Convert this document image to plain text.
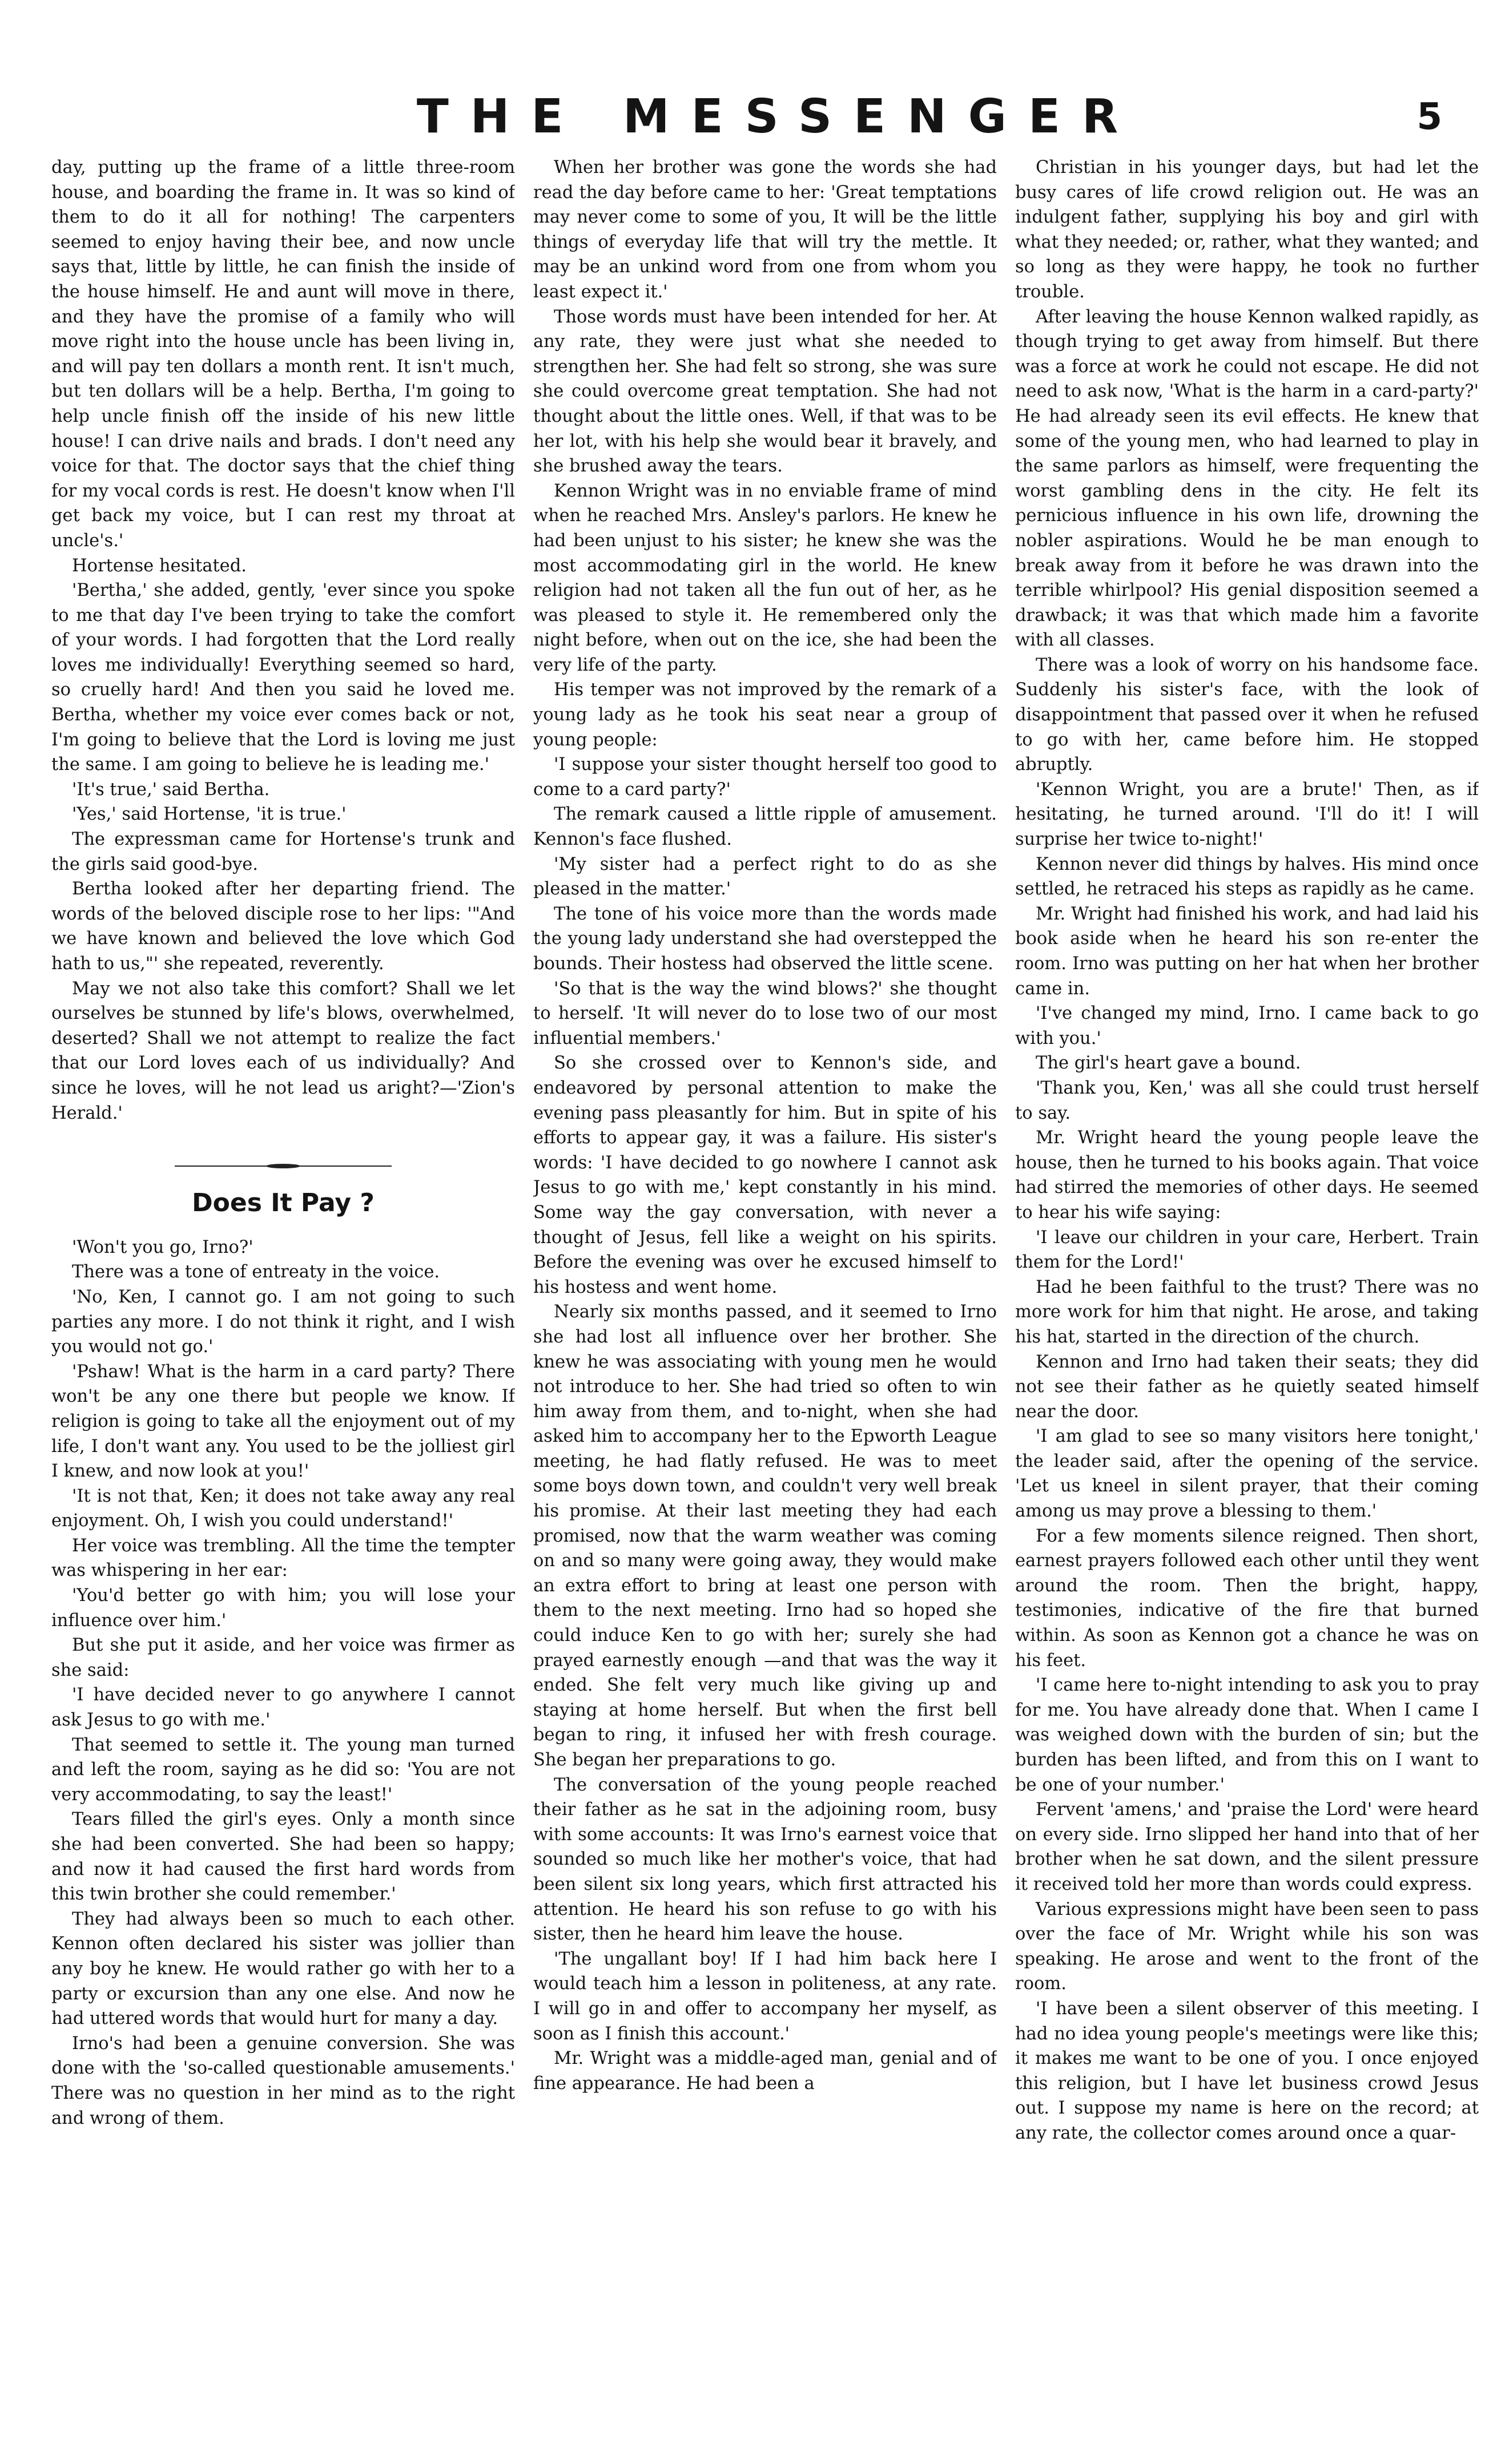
THE MESSENGER	5

day, putting up the frame of a little three-room house, and boarding the frame in. It was so kind of them to do it all for nothing! The carpenters seemed to enjoy having their bee, and now uncle says that, little by little, he can finish the inside of the house himself. He and aunt will move in there, and they have the promise of a family who will move right into the house uncle has been living in, and will pay ten dollars a month rent. It isn't much, but ten dollars will be a help. Bertha, I'm going to help uncle finish off the inside of his new little house! I can drive nails and brads. I don't need any voice for that. The doctor says that the chief thing for my vocal cords is rest. He doesn't know when I'll get back my voice, but I can rest my throat at uncle's.'

Hortense hesitated.

'Bertha,' she added, gently, 'ever since you spoke to me that day I've been trying to take the comfort of your words. I had forgotten that the Lord really loves me individually! Everything seemed so hard, so cruelly hard! And then you said he loved me. Bertha, whether my voice ever comes back or not, I'm going to believe that the Lord is loving me just the same. I am going to believe he is leading me.'

'It's true,' said Bertha.

'Yes,' said Hortense, 'it is true.'

The expressman came for Hortense's trunk and the girls said good-bye.

Bertha looked after her departing friend. The words of the beloved disciple rose to her lips: '"And we have known and believed the love which God hath to us,"' she repeated, reverently.

May we not also take this comfort? Shall we let ourselves be stunned by life's blows, overwhelmed, deserted? Shall we not attempt to realize the fact that our Lord loves each of us individually? And since he loves, will he not lead us aright?—'Zion's Herald.'

Does It Pay ?

'Won't you go, Irno?'

There was a tone of entreaty in the voice.

'No, Ken, I cannot go. I am not going to such parties any more. I do not think it right, and I wish you would not go.'

'Pshaw! What is the harm in a card party? There won't be any one there but people we know. If religion is going to take all the enjoyment out of my life, I don't want any. You used to be the jolliest girl I knew, and now look at you!'

'It is not that, Ken; it does not take away any real enjoyment. Oh, I wish you could understand!'

Her voice was trembling. All the time the tempter was whispering in her ear:

'You'd better go with him; you will lose your influence over him.'

But she put it aside, and her voice was firmer as she said:

'I have decided never to go anywhere I cannot ask Jesus to go with me.'

That seemed to settle it. The young man turned and left the room, saying as he did so: 'You are not very accommodating, to say the least!'

Tears filled the girl's eyes. Only a month since she had been converted. She had been so happy; and now it had caused the first hard words from this twin brother she could remember.'

They had always been so much to each other. Kennon often declared his sister was jollier than any boy he knew. He would rather go with her to a party or excursion than any one else. And now he had uttered words that would hurt for many a day.

Irno's had been a genuine conversion. She was done with the 'so-called questionable amusements.' There was no question in her mind as to the right and wrong of them.

When her brother was gone the words she had read the day before came to her: 'Great temptations may never come to some of you, It will be the little things of everyday life that will try the mettle. It may be an unkind word from one from whom you least expect it.'

Those words must have been intended for her. At any rate, they were just what she needed to strengthen her. She had felt so strong, she was sure she could overcome great temptation. She had not thought about the little ones. Well, if that was to be her lot, with his help she would bear it bravely, and she brushed away the tears.

Kennon Wright was in no enviable frame of mind when he reached Mrs. Ansley's parlors. He knew he had been unjust to his sister; he knew she was the most accommodating girl in the world. He knew religion had not taken all the fun out of her, as he was pleased to style it. He remembered only the night before, when out on the ice, she had been the very life of the party.

His temper was not improved by the remark of a young lady as he took his seat near a group of young people:

'I suppose your sister thought herself too good to come to a card party?'

The remark caused a little ripple of amusement. Kennon's face flushed.

'My sister had a perfect right to do as she pleased in the matter.'

The tone of his voice more than the words made the young lady understand she had overstepped the bounds. Their hostess had observed the little scene.

'So that is the way the wind blows?' she thought to herself. 'It will never do to lose two of our most influential members.'

So she crossed over to Kennon's side, and endeavored by personal attention to make the evening pass pleasantly for him. But in spite of his efforts to appear gay, it was a failure. His sister's words: 'I have decided to go nowhere I cannot ask Jesus to go with me,' kept constantly in his mind. Some way the gay conversation, with never a thought of Jesus, fell like a weight on his spirits. Before the evening was over he excused himself to his hostess and went home.

Nearly six months passed, and it seemed to Irno she had lost all influence over her brother. She knew he was associating with young men he would not introduce to her. She had tried so often to win him away from them, and to-night, when she had asked him to accompany her to the Epworth League meeting, he had flatly refused. He was to meet some boys down town, and couldn't very well break his promise. At their last meeting they had each promised, now that the warm weather was coming on and so many were going away, they would make an extra effort to bring at least one person with them to the next meeting. Irno had so hoped she could induce Ken to go with her; surely she had prayed earnestly enough —and that was the way it ended. She felt very much like giving up and staying at home herself. But when the first bell began to ring, it infused her with fresh courage. She began her preparations to go.

The conversation of the young people reached their father as he sat in the adjoining room, busy with some accounts: It was Irno's earnest voice that sounded so much like her mother's voice, that had been silent six long years, which first attracted his attention. He heard his son refuse to go with his sister, then he heard him leave the house.

'The ungallant boy! If I had him back here I would teach him a lesson in politeness, at any rate. I will go in and offer to accompany her myself, as soon as I finish this account.'

Mr. Wright was a middle-aged man, genial and of fine appearance. He had been a

Christian in his younger days, but had let the busy cares of life crowd religion out. He was an indulgent father, supplying his boy and girl with what they needed; or, rather, what they wanted; and so long as they were happy, he took no further trouble.

After leaving the house Kennon walked rapidly, as though trying to get away from himself. But there was a force at work he could not escape. He did not need to ask now, 'What is the harm in a card-party?' He had already seen its evil effects. He knew that some of the young men, who had learned to play in the same parlors as himself, were frequenting the worst gambling dens in the city. He felt its pernicious influence in his own life, drowning the nobler aspirations. Would he be man enough to break away from it before he was drawn into the terrible whirlpool? His genial disposition seemed a drawback; it was that which made him a favorite with all classes.

There was a look of worry on his handsome face. Suddenly his sister's face, with the look of disappointment that passed over it when he refused to go with her, came before him. He stopped abruptly.

'Kennon Wright, you are a brute!' Then, as if hesitating, he turned around. 'I'll do it! I will surprise her twice to-night!'

Kennon never did things by halves. His mind once settled, he retraced his steps as rapidly as he came.

Mr. Wright had finished his work, and had laid his book aside when he heard his son re-enter the room. Irno was putting on her hat when her brother came in.

'I've changed my mind, Irno. I came back to go with you.'

The girl's heart gave a bound.

'Thank you, Ken,' was all she could trust herself to say.

Mr. Wright heard the young people leave the house, then he turned to his books again. That voice had stirred the memories of other days. He seemed to hear his wife saying:

'I leave our children in your care, Herbert. Train them for the Lord!'

Had he been faithful to the trust? There was no more work for him that night. He arose, and taking his hat, started in the direction of the church.

Kennon and Irno had taken their seats; they did not see their father as he quietly seated himself near the door.

'I am glad to see so many visitors here tonight,' the leader said, after the opening of the service. 'Let us kneel in silent prayer, that their coming among us may prove a blessing to them.'

For a few moments silence reigned. Then short, earnest prayers followed each other until they went around the room. Then the bright, happy, testimonies, indicative of the fire that burned within. As soon as Kennon got a chance he was on his feet.

'I came here to-night intending to ask you to pray for me. You have already done that. When I came I was weighed down with the burden of sin; but the burden has been lifted, and from this on I want to be one of your number.'

Fervent 'amens,' and 'praise the Lord' were heard on every side. Irno slipped her hand into that of her brother when he sat down, and the silent pressure it received told her more than words could express.

Various expressions might have been seen to pass over the face of Mr. Wright while his son was speaking. He arose and went to the front of the room.

'I have been a silent observer of this meeting. I had no idea young people's meetings were like this; it makes me want to be one of you. I once enjoyed this religion, but I have let business crowd Jesus out. I suppose my name is here on the record; at any rate, the collector comes around once a quar-
